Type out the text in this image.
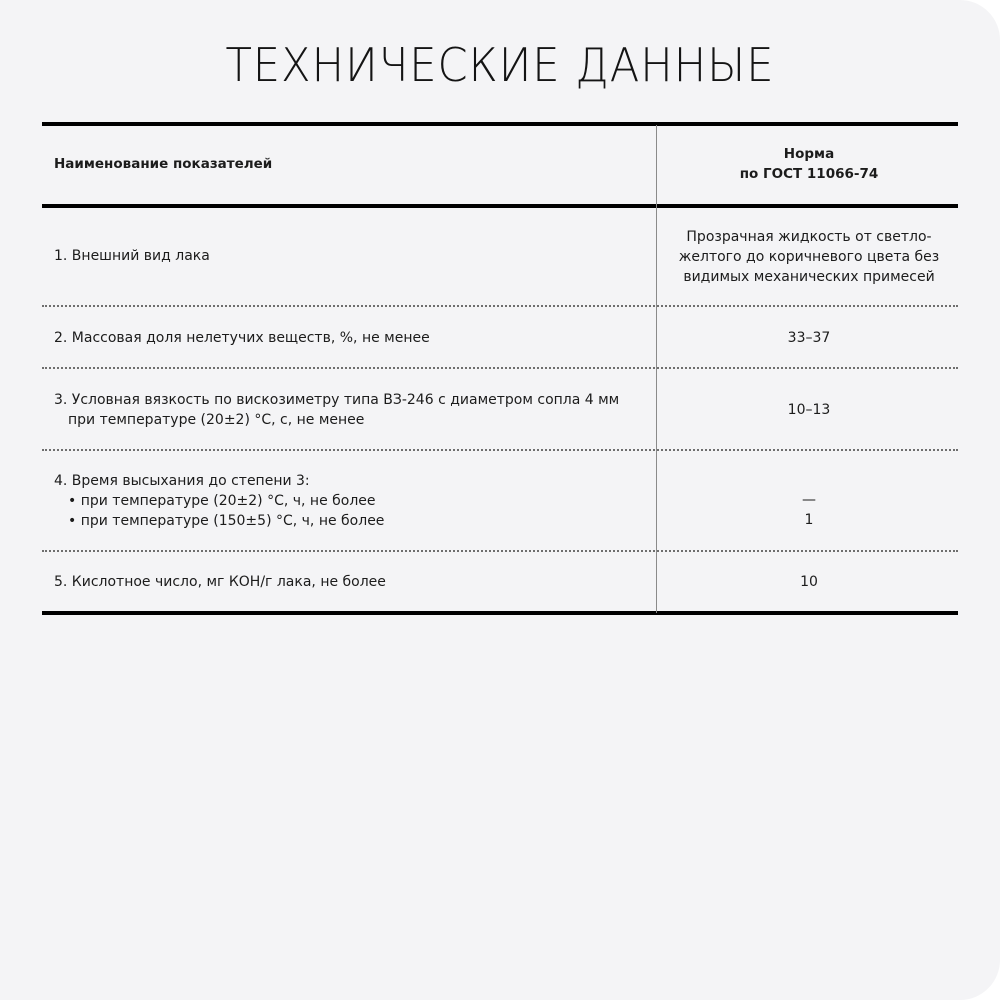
ТЕХНИЧЕСКИЕ ДАННЫЕ
Наименование показателей
Норма
по ГОСТ 11066-74
1. Внешний вид лака
Прозрачная жидкость от светло-
желтого до коричневого цвета без
видимых механических примесей
2. Массовая доля нелетучих веществ, %, не менее	33–37
3. Условная вязкость по вискозиметру типа ВЗ-246 с диаметром сопла 4 мм
при температуре (20±2) °С, с, не менее
10–13
4. Время высыхания до степени 3:
• при температуре (20±2) °С, ч, не более
• при температуре (150±5) °С, ч, не более
—
1
5. Кислотное число, мг КОН/г лака, не более	10
